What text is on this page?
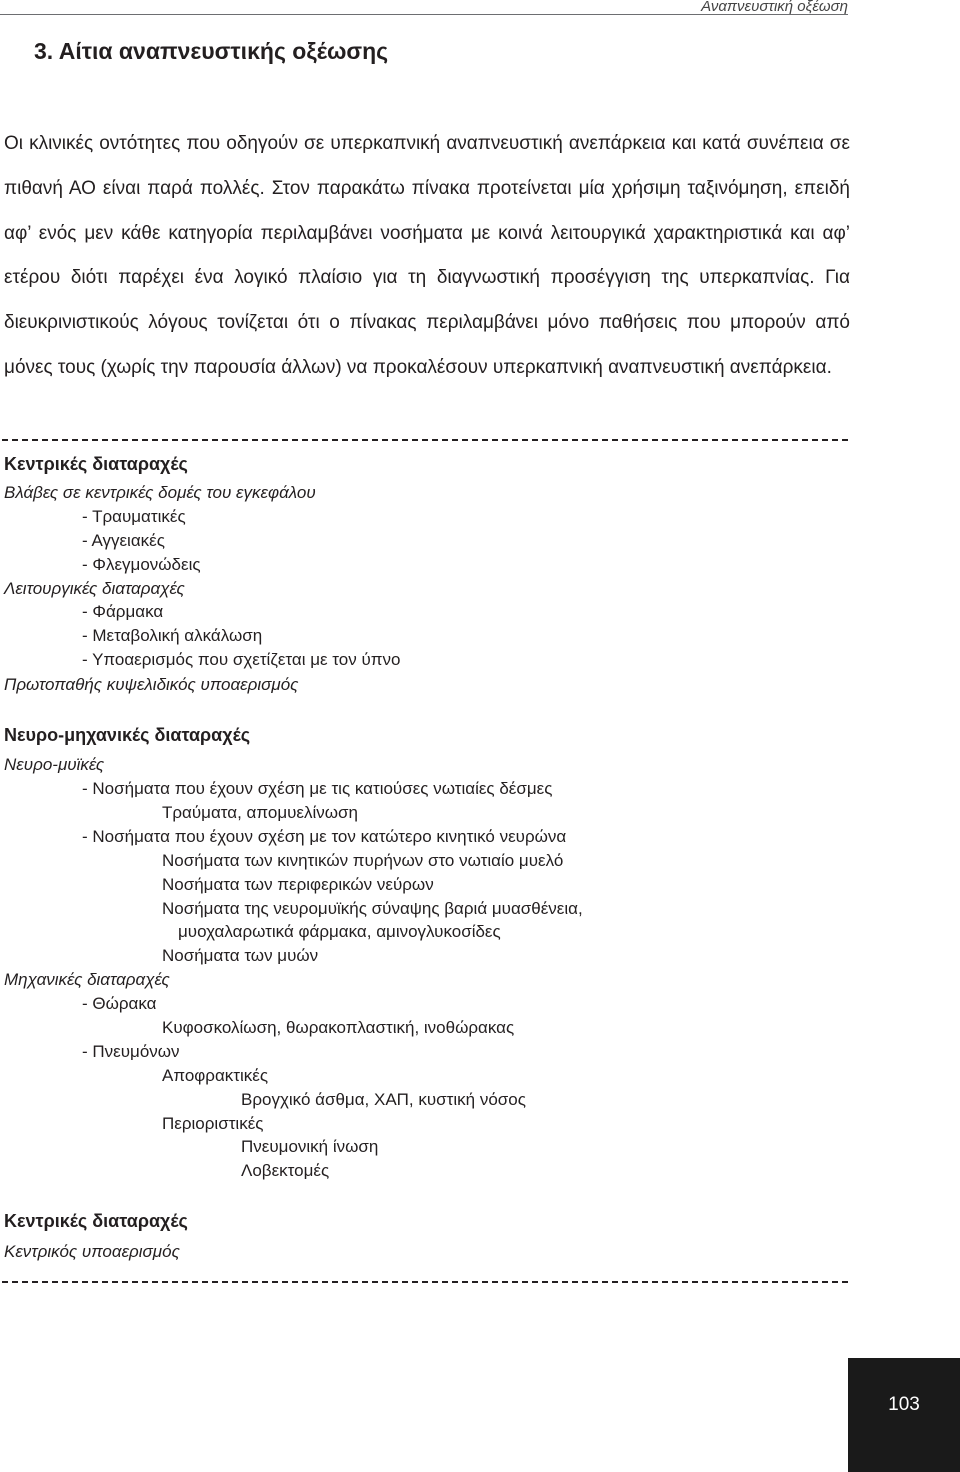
Αναπνευστική οξέωση
3. Αίτια αναπνευστικής οξέωσης

Οι κλινικές οντότητες που οδηγούν σε υπερκαπνική αναπνευστική ανεπάρκεια και κατά συνέπεια σε πιθανή ΑΟ είναι παρά πολλές. Στον παρακάτω πίνακα προτείνεται μία χρήσιμη ταξινόμηση, επειδή αφ’ ενός μεν κάθε κατηγορία περιλαμβάνει νοσήματα με κοινά λειτουργικά χαρακτηριστικά και αφ’ ετέρου διότι παρέχει ένα λογικό πλαίσιο για τη διαγνωστική προσέγγιση της υπερκαπνίας. Για διευκρινιστικούς λόγους τονίζεται ότι ο πίνακας περιλαμβάνει μόνο παθήσεις που μπορούν από μόνες τους (χωρίς την παρουσία άλλων) να προκαλέσουν υπερκαπνική αναπνευστική ανεπάρκεια.

Κεντρικές διαταραχές
Βλάβες σε κεντρικές δομές του εγκεφάλου
- Τραυματικές
- Αγγειακές
- Φλεγμονώδεις
Λειτουργικές διαταραχές
- Φάρμακα
- Μεταβολική αλκάλωση
- Υποαερισμός που σχετίζεται με τον ύπνο
Πρωτοπαθής κυψελιδικός υποαερισμός
Νευρο-μηχανικές διαταραχές
Νευρο-μυϊκές
- Νοσήματα που έχουν σχέση με τις κατιούσες νωτιαίες δέσμες
Τραύματα, απομυελίνωση
- Νοσήματα που έχουν σχέση με τον κατώτερο κινητικό νευρώνα
Νοσήματα των κινητικών πυρήνων στο νωτιαίο μυελό
Νοσήματα των περιφερικών νεύρων
Νοσήματα της νευρομυϊκής σύναψης βαριά μυασθένεια,
μυοχαλαρωτικά φάρμακα, αμινογλυκοσίδες
Νοσήματα των μυών
Μηχανικές διαταραχές
- Θώρακα
Κυφοσκολίωση, θωρακοπλαστική, ινοθώρακας
- Πνευμόνων
Αποφρακτικές
Βρογχικό άσθμα, ΧΑΠ, κυστική νόσος
Περιοριστικές
Πνευμονική ίνωση
Λοβεκτομές
Κεντρικές διαταραχές
Κεντρικός υποαερισμός
103
